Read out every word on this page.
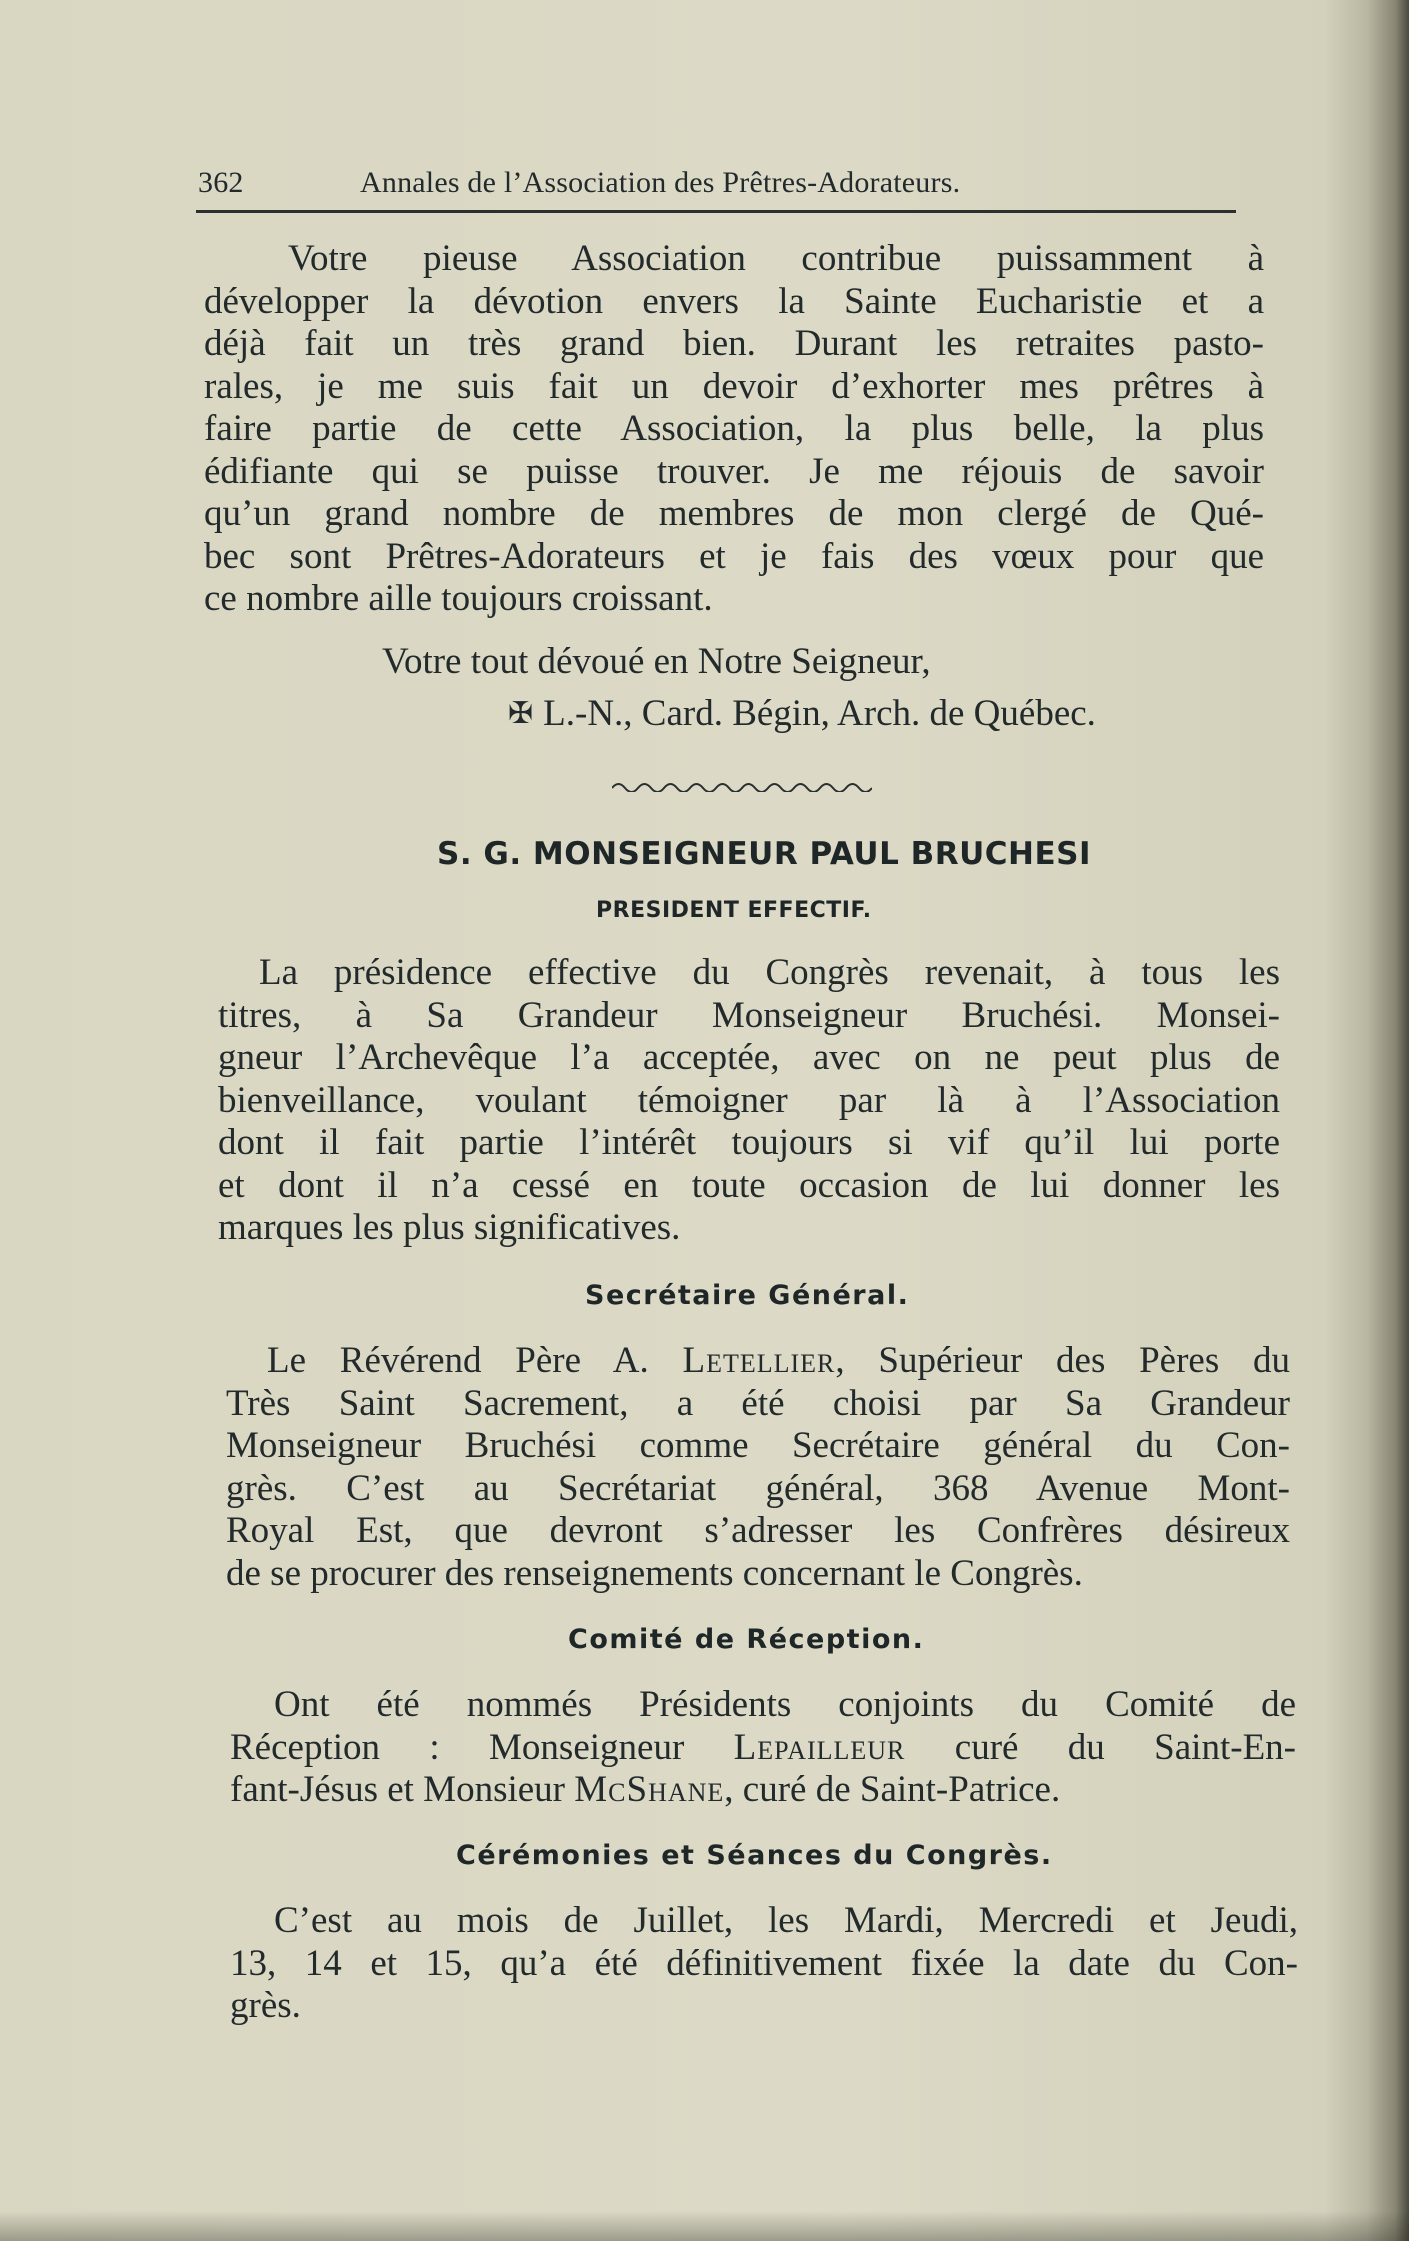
362	Annales de l’Association des Prêtres-Adorateurs.
Votre pieuse Association contribue puissamment à
développer la dévotion envers la Sainte Eucharistie et a
déjà fait un très grand bien. Durant les retraites pasto-
rales, je me suis fait un devoir d’exhorter mes prêtres à
faire partie de cette Association, la plus belle, la plus
édifiante qui se puisse trouver. Je me réjouis de savoir
qu’un grand nombre de membres de mon clergé de Qué-
bec sont Prêtres-Adorateurs et je fais des vœux pour que
ce nombre aille toujours croissant.
Votre tout dévoué en Notre Seigneur,
✠ L.-N., Card. Bégin, Arch. de Québec.
S. G. MONSEIGNEUR PAUL BRUCHESI
PRESIDENT EFFECTIF.
La présidence effective du Congrès revenait, à tous les
titres, à Sa Grandeur Monseigneur Bruchési. Monsei-
gneur l’Archevêque l’a acceptée, avec on ne peut plus de
bienveillance, voulant témoigner par là à l’Association
dont il fait partie l’intérêt toujours si vif qu’il lui porte
et dont il n’a cessé en toute occasion de lui donner les
marques les plus significatives.
Secrétaire Général.
Le Révérend Père A. Letellier, Supérieur des Pères du
Très Saint Sacrement, a été choisi par Sa Grandeur
Monseigneur Bruchési comme Secrétaire général du Con-
grès. C’est au Secrétariat général, 368 Avenue Mont-
Royal Est, que devront s’adresser les Confrères désireux
de se procurer des renseignements concernant le Congrès.
Comité de Réception.
Ont été nommés Présidents conjoints du Comité de
Réception : Monseigneur Lepailleur curé du Saint-En-
fant-Jésus et Monsieur McShane, curé de Saint-Patrice.
Cérémonies et Séances du Congrès.
C’est au mois de Juillet, les Mardi, Mercredi et Jeudi,
13, 14 et 15, qu’a été définitivement fixée la date du Con-
grès.
